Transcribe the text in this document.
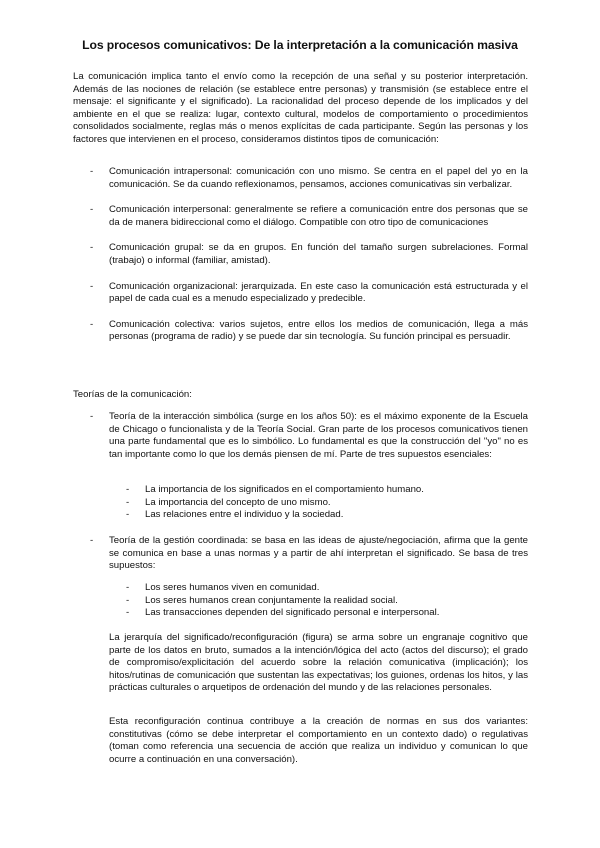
Los procesos comunicativos: De la interpretación a la comunicación masiva

La comunicación implica tanto el envío como la recepción de una señal y su posterior interpretación. Además de las nociones de relación (se establece entre personas) y transmisión (se establece entre el mensaje: el significante y el significado). La racionalidad del proceso depende de los implicados y del ambiente en el que se realiza: lugar, contexto cultural, modelos de comportamiento o procedimientos consolidados socialmente, reglas más o menos explícitas de cada participante. Según las personas y los factores que intervienen en el proceso, consideramos distintos tipos de comunicación:

- Comunicación intrapersonal: comunicación con uno mismo. Se centra en el papel del yo en la comunicación. Se da cuando reflexionamos, pensamos, acciones comunicativas sin verbalizar.
- Comunicación interpersonal: generalmente se refiere a comunicación entre dos personas que se da de manera bidireccional como el diálogo. Compatible con otro tipo de comunicaciones
- Comunicación grupal: se da en grupos. En función del tamaño surgen subrelaciones. Formal (trabajo) o informal (familiar, amistad).
- Comunicación organizacional: jerarquizada. En este caso la comunicación está estructurada y el papel de cada cual es a menudo especializado y predecible.
- Comunicación colectiva: varios sujetos, entre ellos los medios de comunicación, llega a más personas (programa de radio) y se puede dar sin tecnología. Su función principal es persuadir.

Teorías de la comunicación:

- Teoría de la interacción simbólica (surge en los años 50): es el máximo exponente de la Escuela de Chicago o funcionalista y de la Teoría Social. Gran parte de los procesos comunicativos tienen una parte fundamental que es lo simbólico. Lo fundamental es que la construcción del "yo" no es tan importante como lo que los demás piensen de mí. Parte de tres supuestos esenciales:
- La importancia de los significados en el comportamiento humano.
- La importancia del concepto de uno mismo.
- Las relaciones entre el individuo y la sociedad.
- Teoría de la gestión coordinada: se basa en las ideas de ajuste/negociación, afirma que la gente se comunica en base a unas normas y a partir de ahí interpretan el significado. Se basa de tres supuestos:
- Los seres humanos viven en comunidad.
- Los seres humanos crean conjuntamente la realidad social.
- Las transacciones dependen del significado personal e interpersonal.

La jerarquía del significado/reconfiguración (figura) se arma sobre un engranaje cognitivo que parte de los datos en bruto, sumados a la intención/lógica del acto (actos del discurso); el grado de compromiso/explicitación del acuerdo sobre la relación comunicativa (implicación); los hitos/rutinas de comunicación que sustentan las expectativas; los guiones, ordenas los hitos, y las prácticas culturales o arquetipos de ordenación del mundo y de las relaciones personales.

Esta reconfiguración continua contribuye a la creación de normas en sus dos variantes: constitutivas (cómo se debe interpretar el comportamiento en un contexto dado) o regulativas (toman como referencia una secuencia de acción que realiza un individuo y comunican lo que ocurre a continuación en una conversación).
